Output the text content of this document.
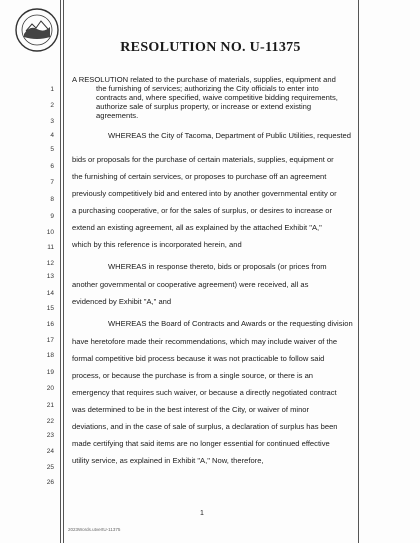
RESOLUTION NO. U-11375
1
2
3
4
5
6
7
8
9
10
11
12
13
14
15
16
17
18
19
20
21
22
23
24
25
26
A RESOLUTION related to the purchase of materials, supplies, equipment and
the furnishing of services; authorizing the City officials to enter into
contracts and, where specified, waive competitive bidding requirements,
authorize sale of surplus property, or increase or extend existing
agreements.
WHEREAS the City of Tacoma, Department of Public Utilities, requested
bids or proposals for the purchase of certain materials, supplies, equipment or
the furnishing of certain services, or proposes to purchase off an agreement
previously competitively bid and entered into by another governmental entity or
a purchasing cooperative, or for the sales of surplus, or desires to increase or
extend an existing agreement, all as explained by the attached Exhibit "A,"
which by this reference is incorporated herein, and
WHEREAS in response thereto, bids or proposals (or prices from
another governmental or cooperative agreement) were received, all as
evidenced by Exhibit "A," and
WHEREAS the Board of Contracts and Awards or the requesting division
have heretofore made their recommendations, which may include waiver of the
formal competitive bid process because it was not practicable to follow said
process, or because the purchase is from a single source, or there is an
emergency that requires such waiver, or because a directly negotiated contract
was determined to be in the best interest of the City, or waiver of minor
deviations, and in the case of sale of surplus, a declaration of surplus has been
made certifying that said items are no longer essential for continued effective
utility service, as explained in Exhibit "A," Now, therefore,
1
2023Words.utvertU-11375
